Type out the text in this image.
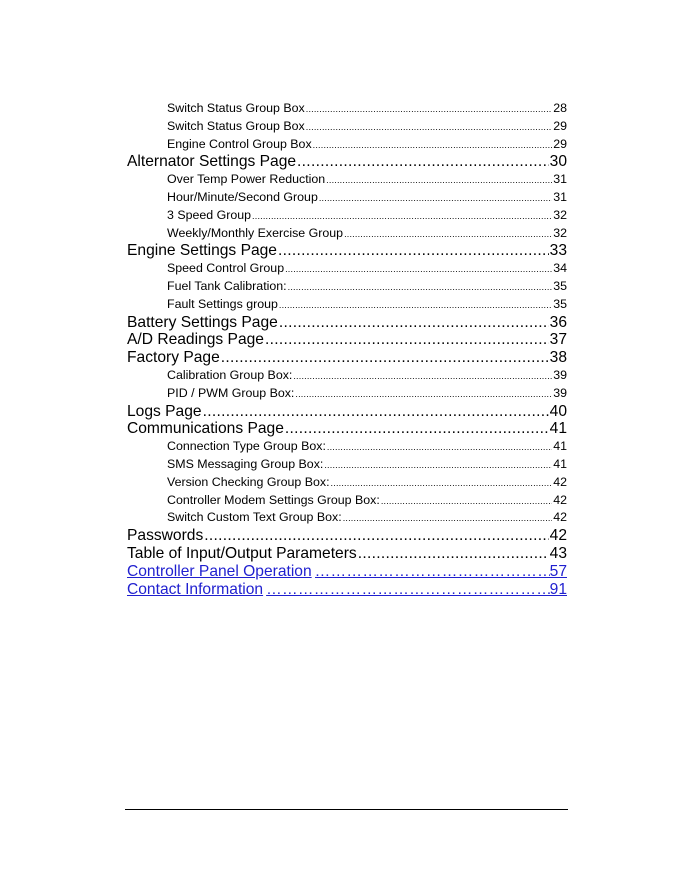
Switch Status Group Box .....	28
Switch Status Group Box .....	29
Engine Control Group Box .....	29
Alternator Settings Page .....	30
Over Temp Power Reduction .....	31
Hour/Minute/Second Group .....	31
3 Speed Group .....	32
Weekly/Monthly Exercise Group .....	32
Engine Settings Page .....	33
Speed Control Group .....	34
Fuel Tank Calibration: .....	35
Fault Settings group .....	35
Battery Settings Page .....	36
A/D Readings Page .....	37
Factory Page .....	38
Calibration Group Box: .....	39
PID / PWM Group Box: .....	39
Logs Page .....	40
Communications Page .....	41
Connection Type Group Box: .....	41
SMS Messaging Group Box: .....	41
Version Checking Group Box: .....	42
Controller Modem Settings Group Box: .....	42
Switch Custom Text Group Box: .....	42
Passwords .....	42
Table of Input/Output Parameters .....	43
Controller Panel Operation ……………………………………………………………………………………………………………………………………………………………………………………	57
Contact Information ……………………………………………………………………………………………………………………………………………………………………………………	91
